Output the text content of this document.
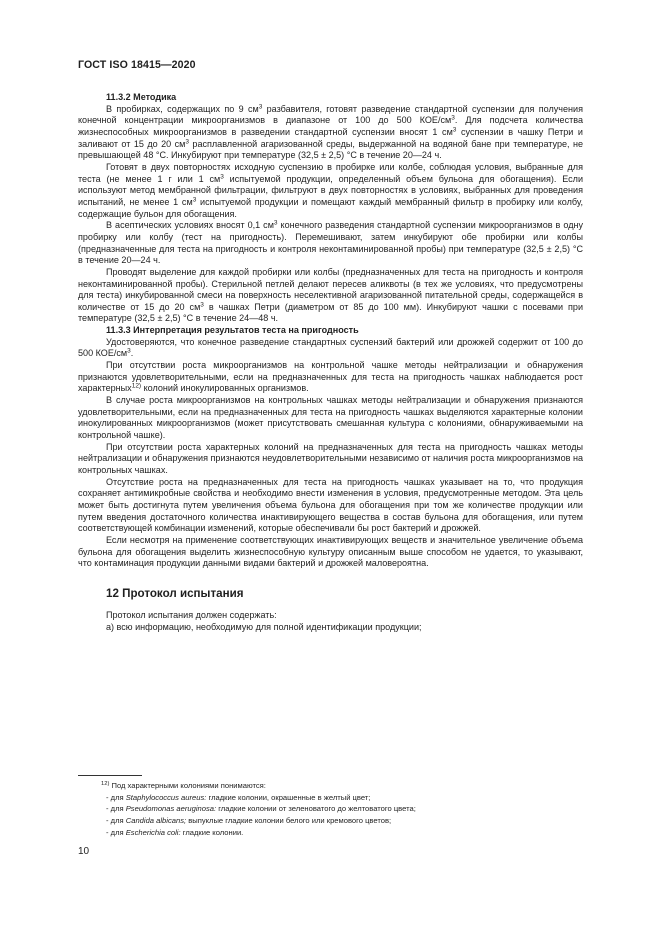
ГОСТ ISO 18415—2020

11.3.2 Методика

В пробирках, содержащих по 9 $см^3$ разбавителя, готовят разведение стандартной суспензии для получения конечной концентрации микроорганизмов в диапазоне от 100 до 500 КОЕ/$см^3$. Для подсчета количества жизнеспособных микроорганизмов в разведении стандартной суспензии вносят 1 $см^3$ суспензии в чашку Петри и заливают от 15 до 20 $см^3$ расплавленной агаризованной среды, выдержанной на водяной бане при температуре, не превышающей 48 °С. Инкубируют при температуре (32,5 ± 2,5) °С в течение 20—24 ч.

Готовят в двух повторностях исходную суспензию в пробирке или колбе, соблюдая условия, выбранные для теста (не менее 1 г или 1 $см^3$ испытуемой продукции, определенный объем бульона для обогащения). Если используют метод мембранной фильтрации, фильтруют в двух повторностях в условиях, выбранных для проведения испытаний, не менее 1 $см^3$ испытуемой продукции и помещают каждый мембранный фильтр в пробирку или колбу, содержащие бульон для обогащения.

В асептических условиях вносят 0,1 $см^3$ конечного разведения стандартной суспензии микроорганизмов в одну пробирку или колбу (тест на пригодность). Перемешивают, затем инкубируют обе пробирки или колбы (предназначенные для теста на пригодность и контроля неконтаминированной пробы) при температуре (32,5 ± 2,5) °С в течение 20—24 ч.

Проводят выделение для каждой пробирки или колбы (предназначенных для теста на пригодность и контроля неконтаминированной пробы). Стерильной петлей делают пересев аликвоты (в тех же условиях, что предусмотрены для теста) инкубированной смеси на поверхность неселективной агаризованной питательной среды, содержащейся в количестве от 15 до 20 $см^3$ в чашках Петри (диаметром от 85 до 100 мм). Инкубируют чашки с посевами при температуре (32,5 ± 2,5) °С в течение 24—48 ч.

11.3.3 Интерпретация результатов теста на пригодность

Удостоверяются, что конечное разведение стандартных суспензий бактерий или дрожжей содержит от 100 до 500 КОЕ/$см^3$.

При отсутствии роста микроорганизмов на контрольной чашке методы нейтрализации и обнаружения признаются удовлетворительными, если на предназначенных для теста на пригодность чашках наблюдается рост характерных$^{12)}$ колоний инокулированных организмов.

В случае роста микроорганизмов на контрольных чашках методы нейтрализации и обнаружения признаются удовлетворительными, если на предназначенных для теста на пригодность чашках выделяются характерные колонии инокулированных микроорганизмов (может присутствовать смешанная культура с колониями, обнаруживаемыми на контрольной чашке).

При отсутствии роста характерных колоний на предназначенных для теста на пригодность чашках методы нейтрализации и обнаружения признаются неудовлетворительными независимо от наличия роста микроорганизмов на контрольных чашках.

Отсутствие роста на предназначенных для теста на пригодность чашках указывает на то, что продукция сохраняет антимикробные свойства и необходимо внести изменения в условия, предусмотренные методом. Эта цель может быть достигнута путем увеличения объема бульона для обогащения при том же количестве продукции или путем введения достаточного количества инактивирующего вещества в состав бульона для обогащения, или путем соответствующей комбинации изменений, которые обеспечивали бы рост бактерий и дрожжей.

Если несмотря на применение соответствующих инактивирующих веществ и значительное увеличение объема бульона для обогащения выделить жизнеспособную культуру описанным выше способом не удается, то указывают, что контаминация продукции данными видами бактерий и дрожжей маловероятна.

12 Протокол испытания

Протокол испытания должен содержать:

а) всю информацию, необходимую для полной идентификации продукции;

$^{12)}$ Под характерными колониями понимаются:
- для Staphylococcus aureus: гладкие колонии, окрашенные в желтый цвет;
- для Pseudomonas aeruginosa: гладкие колонии от зеленоватого до желтоватого цвета;
- для Candida albicans; выпуклые гладкие колонии белого или кремового цветов;
- для Escherichia coli: гладкие колонии.
10
